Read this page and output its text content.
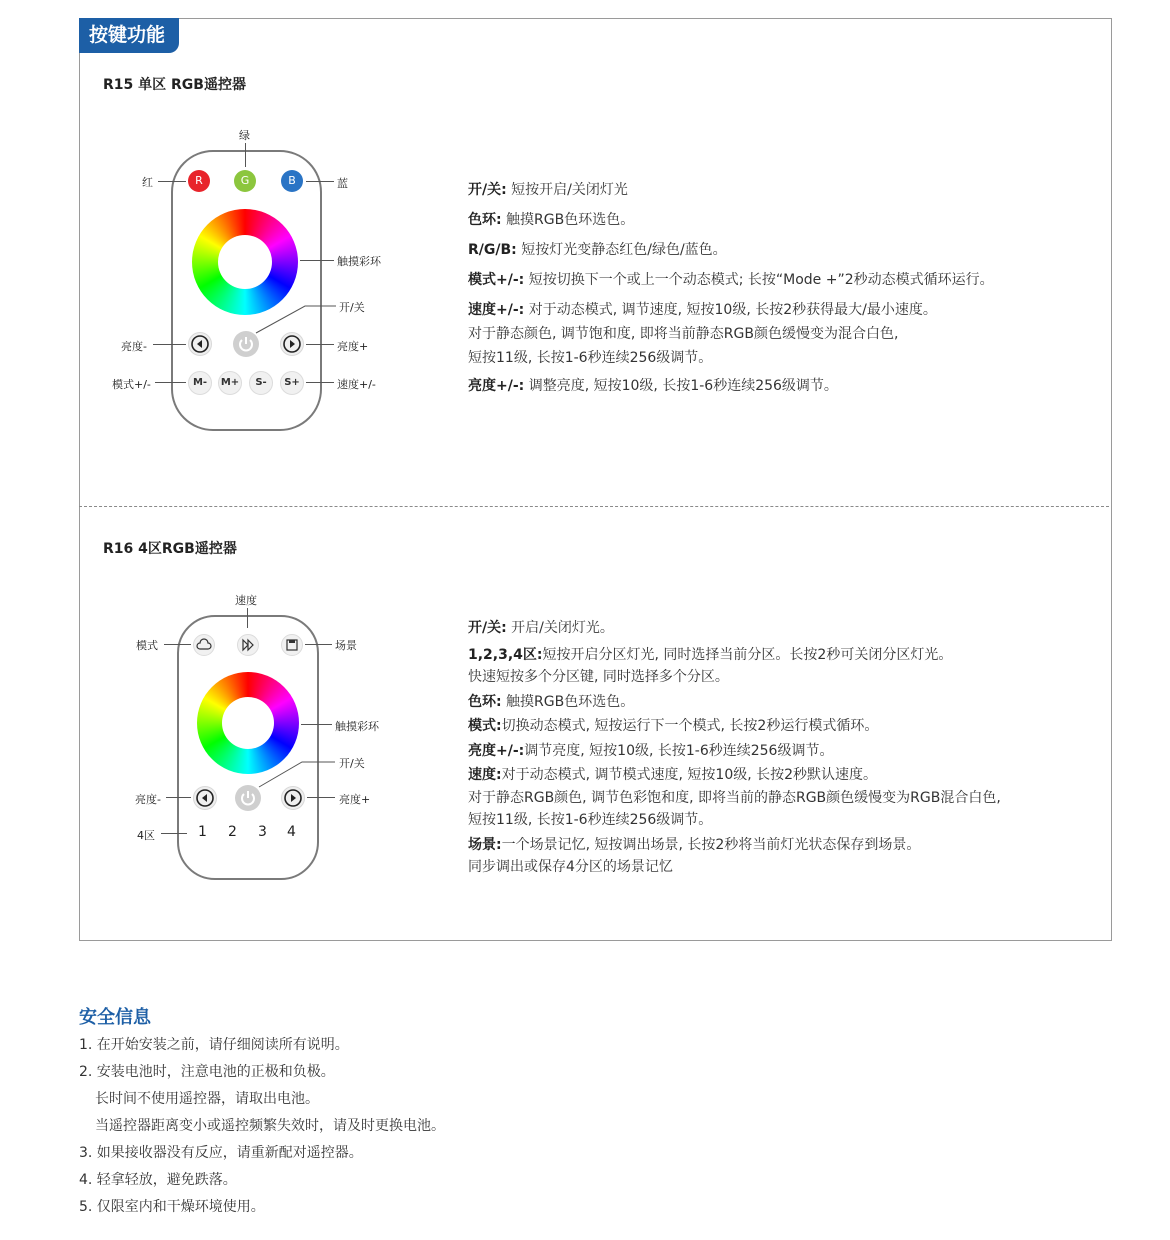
按键功能
R15 单区 RGB遥控器
R	G	B
M-	M+	S-	S+
绿
红	蓝
触摸彩环
开/关
亮度-	亮度+
模式+/-	速度+/-

开/关: 短按开启/关闭灯光

色环: 触摸RGB色环选色。

R/G/B: 短按灯光变静态红色/绿色/蓝色。

模式+/-: 短按切换下一个或上一个动态模式; 长按“Mode +”2秒动态模式循环运行。

速度+/-: 对于动态模式, 调节速度, 短按10级, 长按2秒获得最大/最小速度。

对于静态颜色, 调节饱和度, 即将当前静态RGB颜色缓慢变为混合白色,

短按11级, 长按1-6秒连续256级调节。

亮度+/-: 调整亮度, 短按10级, 长按1-6秒连续256级调节。

R16 4区RGB遥控器
1 2 3 4
速度
模式	场景
触摸彩环
开/关
亮度-	亮度+
4区

开/关: 开启/关闭灯光。

1,2,3,4区:短按开启分区灯光, 同时选择当前分区。长按2秒可关闭分区灯光。

快速短按多个分区键, 同时选择多个分区。

色环: 触摸RGB色环选色。

模式:切换动态模式, 短按运行下一个模式, 长按2秒运行模式循环。

亮度+/-:调节亮度, 短按10级, 长按1-6秒连续256级调节。

速度:对于动态模式, 调节模式速度, 短按10级, 长按2秒默认速度。

对于静态RGB颜色, 调节色彩饱和度, 即将当前的静态RGB颜色缓慢变为RGB混合白色,

短按11级, 长按1-6秒连续256级调节。

场景:一个场景记忆, 短按调出场景, 长按2秒将当前灯光状态保存到场景。

同步调出或保存4分区的场景记忆

安全信息

1. 在开始安装之前，请仔细阅读所有说明。

2. 安装电池时，注意电池的正极和负极。

长时间不使用遥控器，请取出电池。

当遥控器距离变小或遥控频繁失效时，请及时更换电池。

3. 如果接收器没有反应，请重新配对遥控器。

4. 轻拿轻放，避免跌落。

5. 仅限室内和干燥环境使用。
